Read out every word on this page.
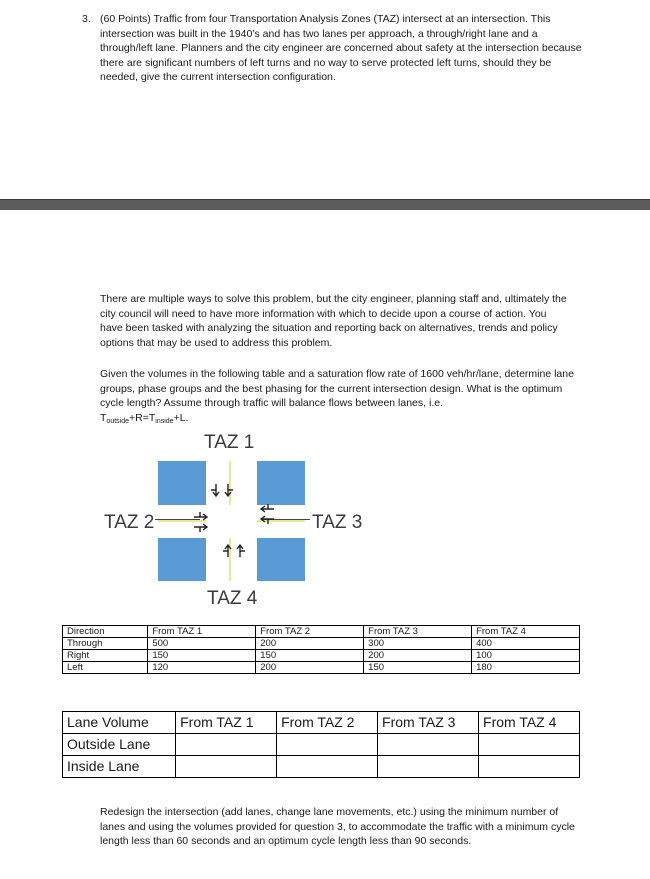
3. (60 Points) Traffic from four Transportation Analysis Zones (TAZ) intersect at an intersection. This intersection was built in the 1940’s and has two lanes per approach, a through/right lane and a through/left lane. Planners and the city engineer are concerned about safety at the intersection because there are significant numbers of left turns and no way to serve protected left turns, should they be needed, give the current intersection configuration.

There are multiple ways to solve this problem, but the city engineer, planning staff and, ultimately the city council will need to have more information with which to decide upon a course of action. You have been tasked with analyzing the situation and reporting back on alternatives, trends and policy options that may be used to address this problem.

Given the volumes in the following table and a saturation flow rate of 1600 veh/hr/lane, determine lane groups, phase groups and the best phasing for the current intersection design. What is the optimum cycle length? Assume through traffic will balance flows between lanes, i.e.
$T_{outside}+R=T_{inside}+L$.
TAZ 1
TAZ 2	TAZ 3
TAZ 4
Direction	From TAZ 1	From TAZ 2	From TAZ 3	From TAZ 4
Through	500	200	300	400
Right	150	150	200	100
Left	120	200	150	180
Lane Volume	From TAZ 1	From TAZ 2	From TAZ 3	From TAZ 4
Outside Lane				
Inside Lane				

Redesign the intersection (add lanes, change lane movements, etc.) using the minimum number of lanes and using the volumes provided for question 3, to accommodate the traffic with a minimum cycle length less than 60 seconds and an optimum cycle length less than 90 seconds.
